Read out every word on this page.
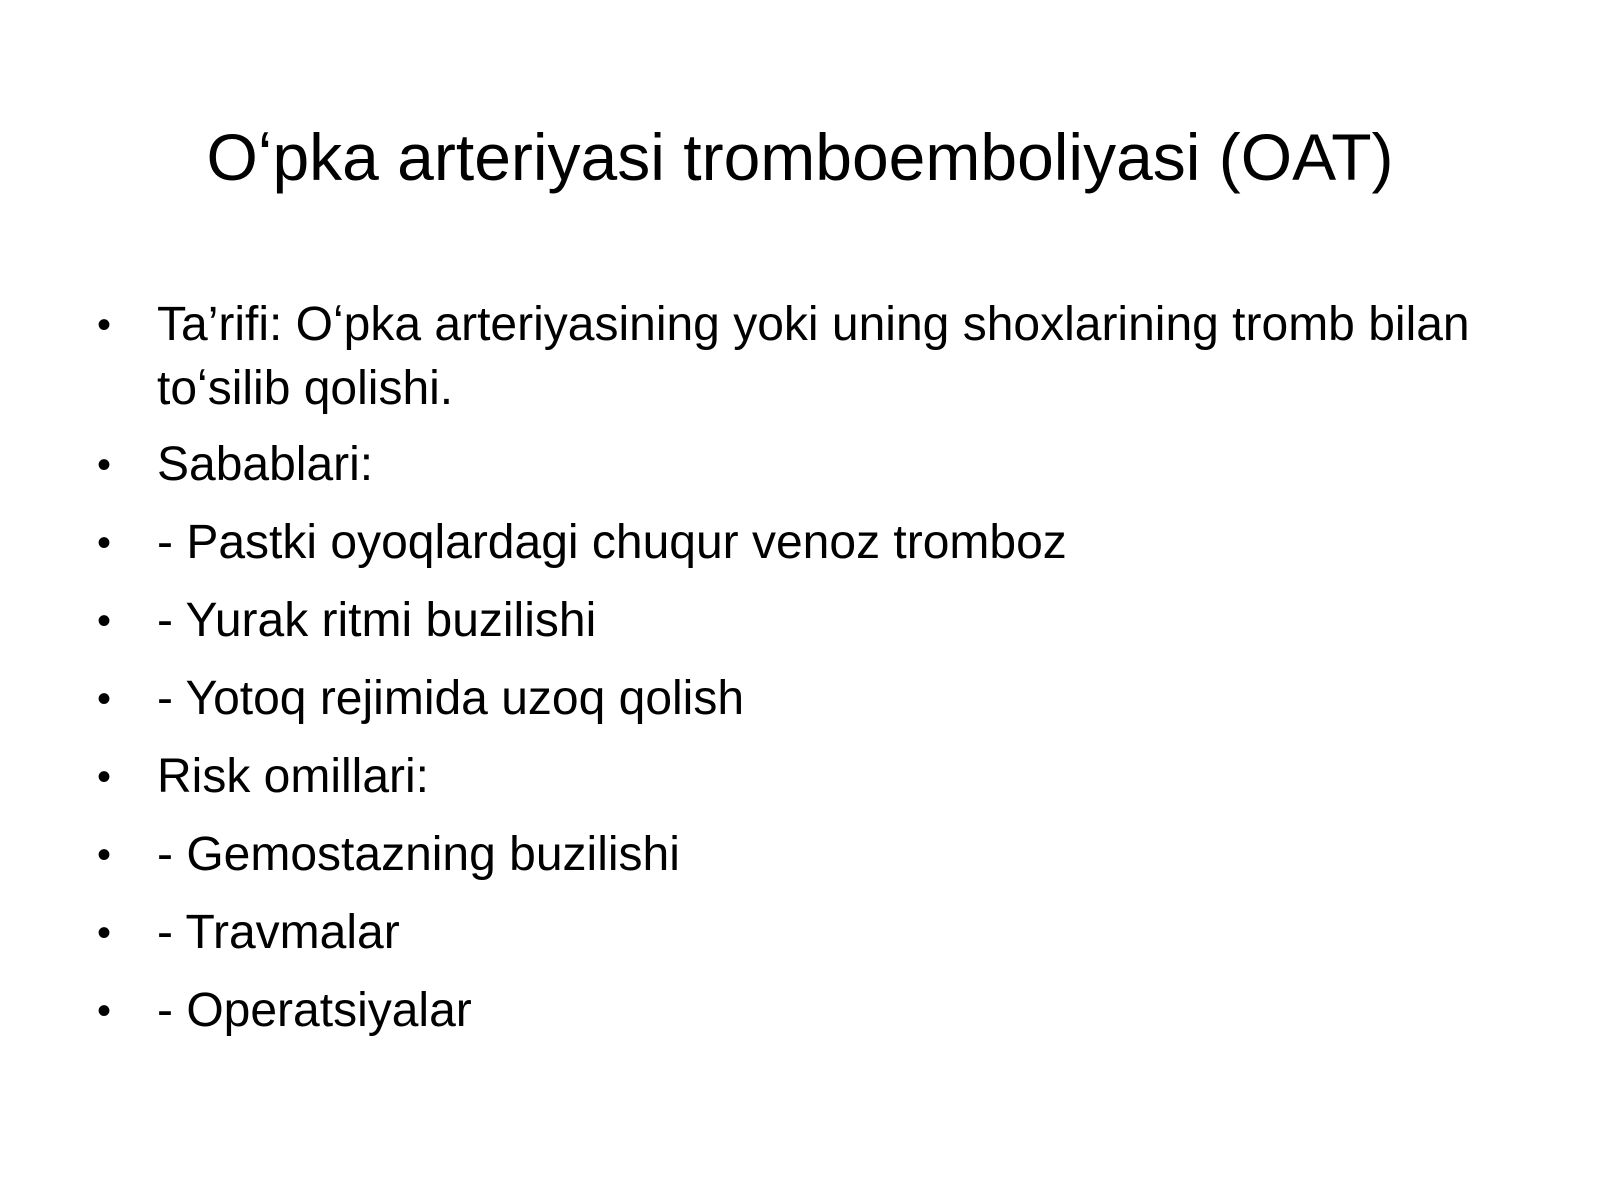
Oʻpka arteriyasi tromboemboliyasi (OAT)
• Ta’rifi: Oʻpka arteriyasining yoki uning shoxlarining tromb bilan toʻsilib qolishi.
• Sabablari:
• - Pastki oyoqlardagi chuqur venoz tromboz
• - Yurak ritmi buzilishi
• - Yotoq rejimida uzoq qolish
• Risk omillari:
• - Gemostazning buzilishi
• - Travmalar
• - Operatsiyalar
